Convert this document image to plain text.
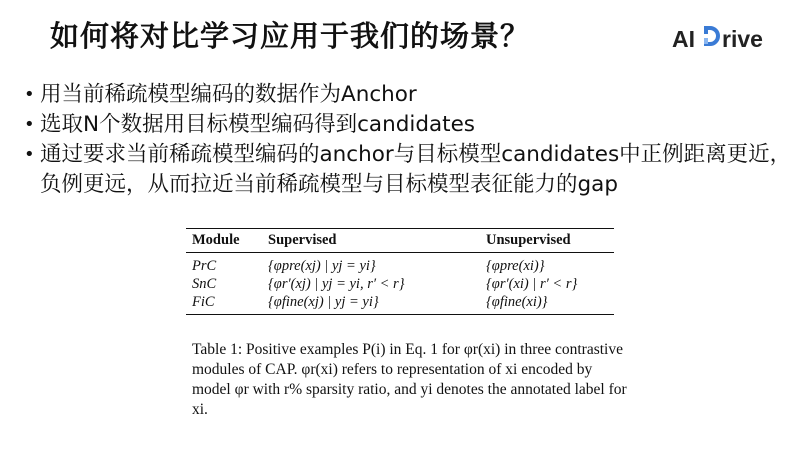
如何将对比学习应用于我们的场景？	AI rive
• 用当前稀疏模型编码的数据作为Anchor
• 选取N个数据用目标模型编码得到candidates
• 通过要求当前稀疏模型编码的anchor与目标模型candidates中正例距离更近，负例更远，从而拉近当前稀疏模型与目标模型表征能力的gap
Module	Supervised	Unsupervised
PrC	{φpre(xj) | yj = yi}	{φpre(xi)}
SnC	{φr′(xj) | yj = yi, r′ < r}	{φr′(xi) | r′ < r}
FiC	{φfine(xj) | yj = yi}	{φfine(xi)}
Table 1: Positive examples P(i) in Eq. 1 for φr(xi) in three contrastive modules of CAP. φr(xi) refers to representation of xi encoded by model φr with r% sparsity ratio, and yi denotes the annotated label for xi.
